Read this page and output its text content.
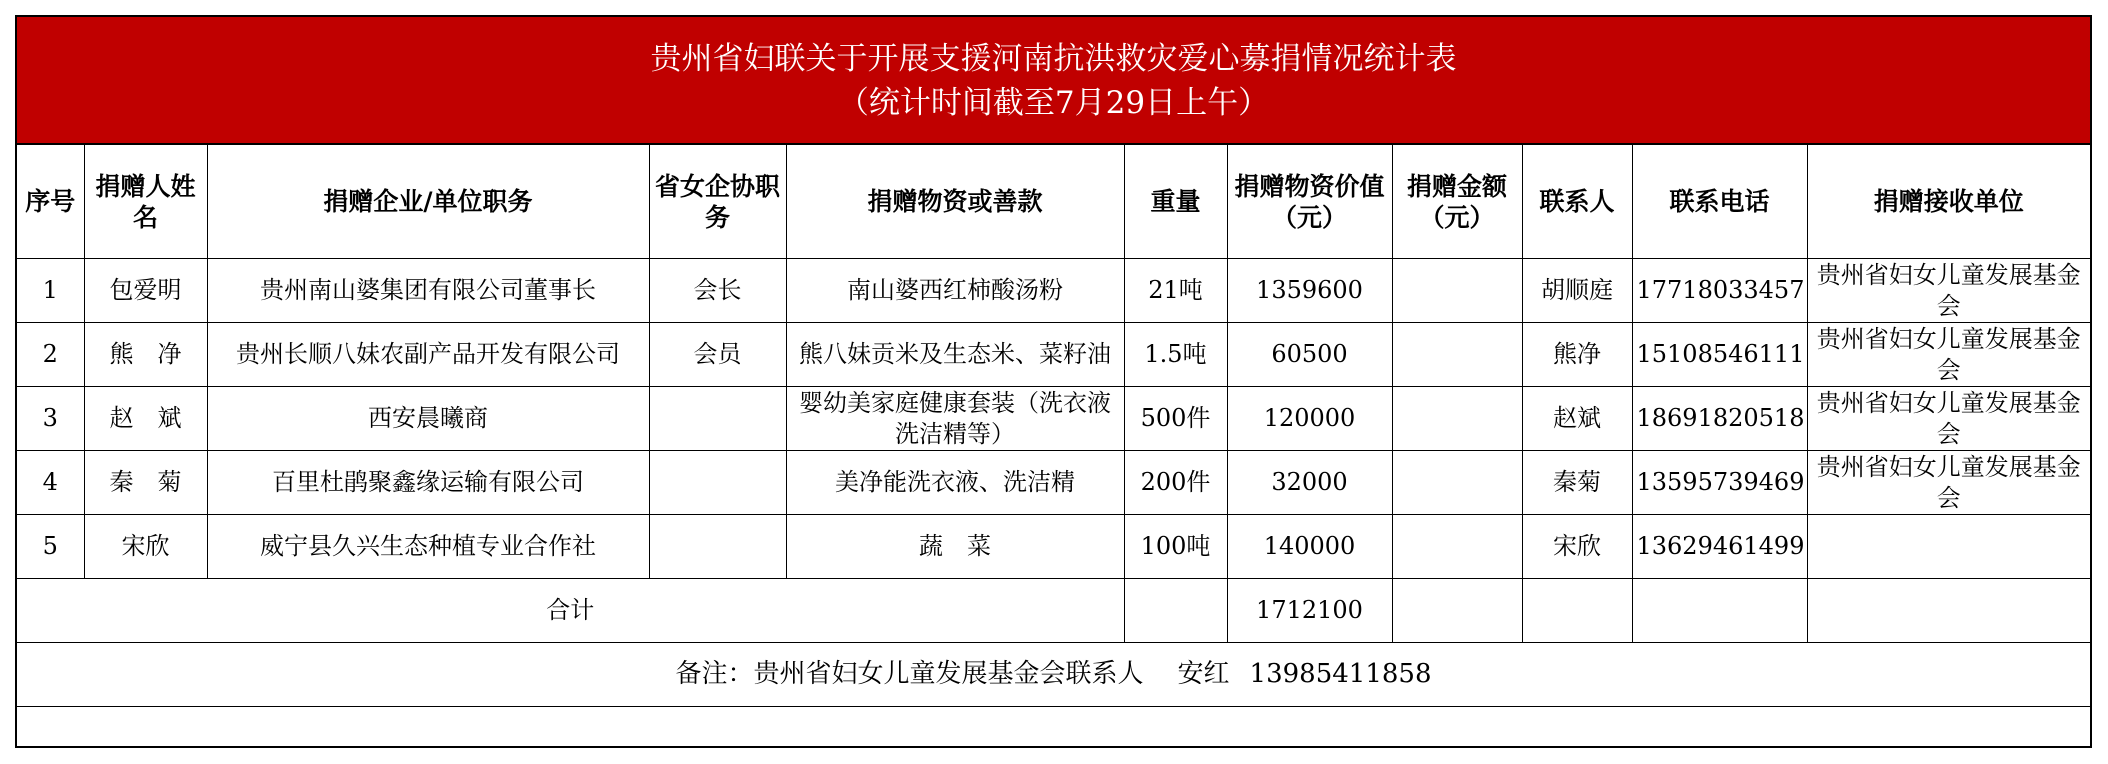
贵州省妇联关于开展支援河南抗洪救灾爱心募捐情况统计表
（统计时间截至7月29日上午）
序号	捐赠人姓名	捐赠企业/单位职务	省女企协职务	捐赠物资或善款	重量	捐赠物资价值（元）	捐赠金额（元）	联系人	联系电话	捐赠接收单位
1	包爱明	贵州南山婆集团有限公司董事长	会长	南山婆西红柿酸汤粉	21吨	1359600		胡顺庭	17718033457	贵州省妇女儿童发展基金会
2	熊　净	贵州长顺八妹农副产品开发有限公司	会员	熊八妹贡米及生态米、菜籽油	1.5吨	60500		熊净	15108546111	贵州省妇女儿童发展基金会
3	赵　斌	西安晨曦商		婴幼美家庭健康套装（洗衣液洗洁精等）	500件	120000		赵斌	18691820518	贵州省妇女儿童发展基金会
4	秦　菊	百里杜鹃聚鑫缘运输有限公司		美净能洗衣液、洗洁精	200件	32000		秦菊	13595739469	贵州省妇女儿童发展基金会
5	宋欣	威宁县久兴生态种植专业合作社		蔬　菜	100吨	140000		宋欣	13629461499	
合计						1712100				
备注：贵州省妇女儿童发展基金会联系人 安红 13985411858										
